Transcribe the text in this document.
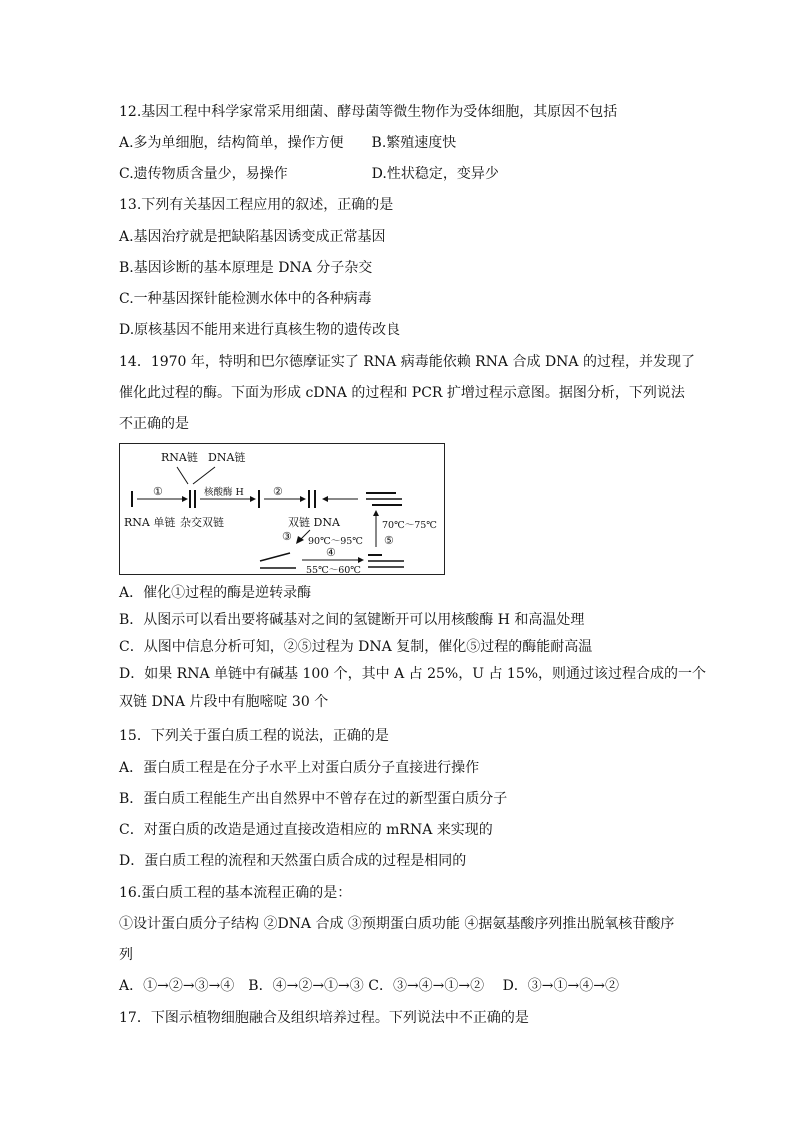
12.基因工程中科学家常采用细菌、酵母菌等微生物作为受体细胞，其原因不包括
A.多为单细胞，结构简单，操作方便　　B.繁殖速度快
C.遗传物质含量少，易操作　　　　　　D.性状稳定，变异少
13.下列有关基因工程应用的叙述，正确的是
A.基因治疗就是把缺陷基因诱变成正常基因
B.基因诊断的基本原理是 DNA 分子杂交
C.一种基因探针能检测水体中的各种病毒
D.原核基因不能用来进行真核生物的遗传改良
14．1970 年，特明和巴尔德摩证实了 RNA 病毒能依赖 RNA 合成 DNA 的过程，并发现了
催化此过程的酶。下面为形成 cDNA 的过程和 PCR 扩增过程示意图。据图分析，下列说法
不正确的是
RNA链 DNA链
①	核酸酶 H	②
RNA 单链 杂交双链	双链 DNA
③ 90℃～95℃
④
55℃～60℃
70℃～75℃
⑤
A．催化①过程的酶是逆转录酶
B．从图示可以看出要将碱基对之间的氢键断开可以用核酸酶 H 和高温处理
C．从图中信息分析可知，②⑤过程为 DNA 复制，催化⑤过程的酶能耐高温
D．如果 RNA 单链中有碱基 100 个，其中 A 占 25%，U 占 15%，则通过该过程合成的一个
双链 DNA 片段中有胞嘧啶 30 个
15．下列关于蛋白质工程的说法，正确的是
A．蛋白质工程是在分子水平上对蛋白质分子直接进行操作
B．蛋白质工程能生产出自然界中不曾存在过的新型蛋白质分子
C．对蛋白质的改造是通过直接改造相应的 mRNA 来实现的
D．蛋白质工程的流程和天然蛋白质合成的过程是相同的
16.蛋白质工程的基本流程正确的是：
①设计蛋白质分子结构 ②DNA 合成 ③预期蛋白质功能 ④据氨基酸序列推出脱氧核苷酸序
列
A．①→②→③→④　B．④→②→①→③ C．③→④→①→②　 D．③→①→④→②
17．下图示植物细胞融合及组织培养过程。下列说法中不正确的是
